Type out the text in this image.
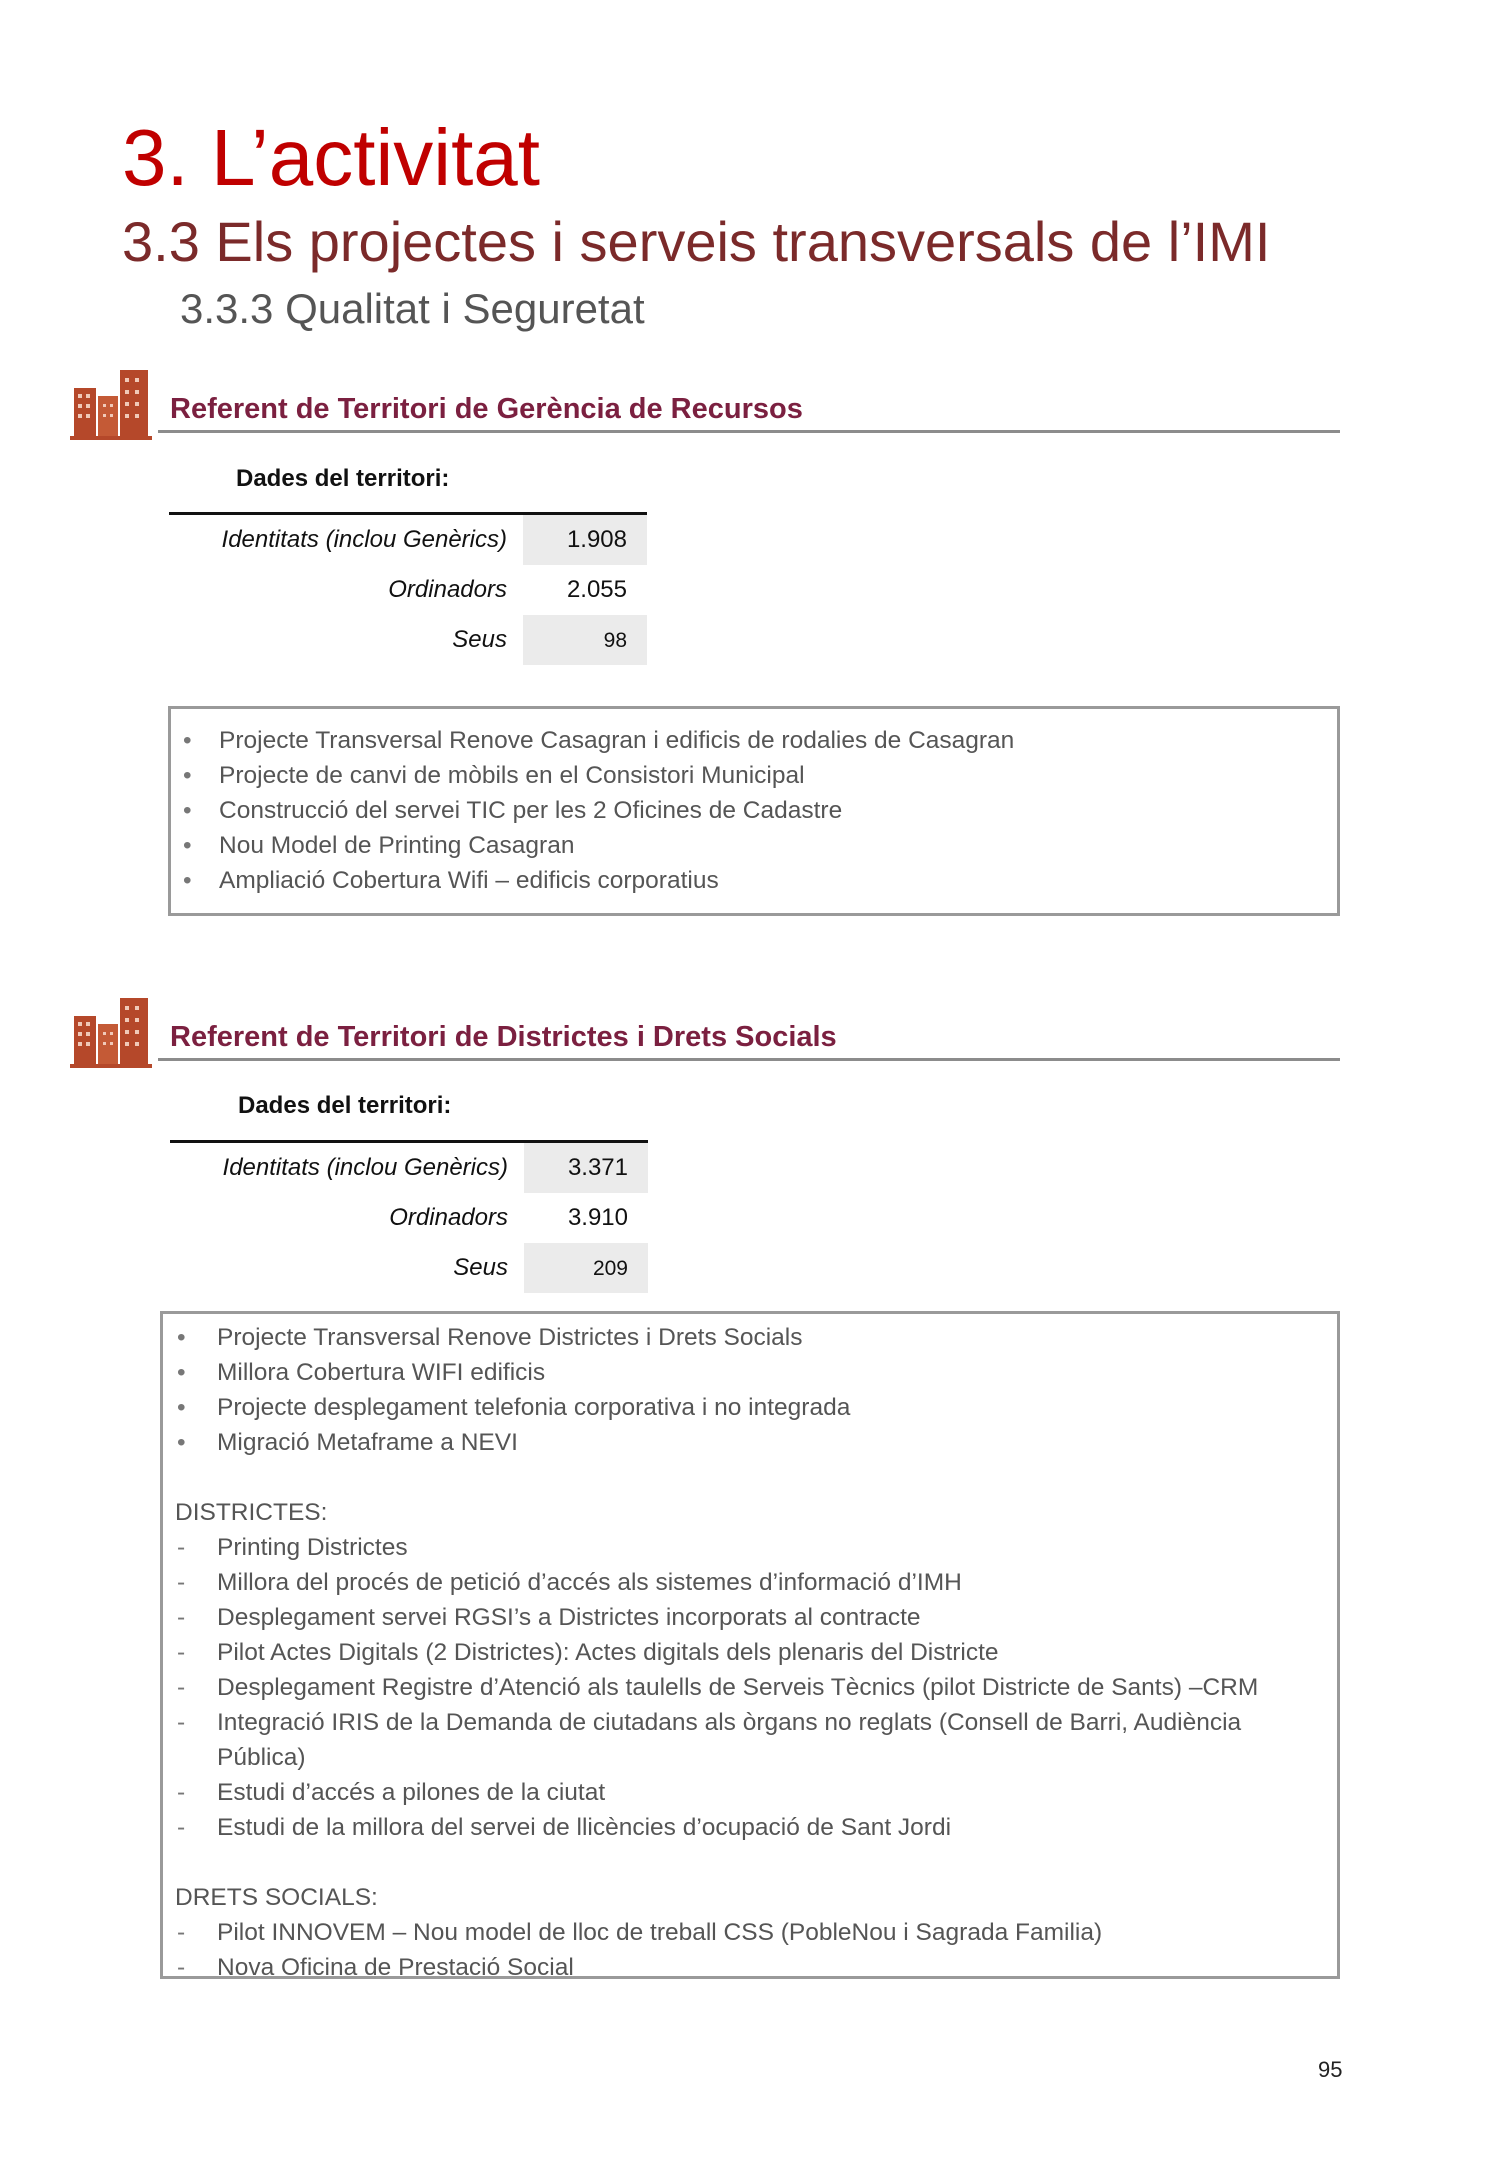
3. L’activitat
3.3 Els projectes i serveis transversals de l’IMI
3.3.3 Qualitat i Seguretat
Referent de Territori de Gerència de Recursos
Dades del territori:
Identitats (inclou Genèrics)	1.908
Ordinadors	2.055
Seus	98
•	Projecte Transversal Renove Casagran i edificis de rodalies de Casagran
•	Projecte de canvi de mòbils en el Consistori Municipal
•	Construcció del servei TIC per les 2 Oficines de Cadastre
•	Nou Model de Printing Casagran
•	Ampliació Cobertura Wifi – edificis corporatius
Referent de Territori de Districtes i Drets Socials
Dades del territori:
Identitats (inclou Genèrics)	3.371
Ordinadors	3.910
Seus	209
•	Projecte Transversal Renove Districtes i Drets Socials
•	Millora Cobertura WIFI edificis
•	Projecte desplegament telefonia corporativa i no integrada
•	Migració Metaframe a NEVI
DISTRICTES:
-	Printing Districtes
-	Millora del procés de petició d’accés als sistemes d’informació d’IMH
-	Desplegament servei RGSI’s a Districtes incorporats al contracte
-	Pilot Actes Digitals (2 Districtes): Actes digitals dels plenaris del Districte
-	Desplegament Registre d’Atenció als taulells de Serveis Tècnics (pilot Districte de Sants) –CRM
-	Integració IRIS de la Demanda de ciutadans als òrgans no reglats (Consell de Barri, Audiència Pública)
-	Estudi d’accés a pilones de la ciutat
-	Estudi de la millora del servei de llicències d’ocupació de Sant Jordi
DRETS SOCIALS:
-	Pilot INNOVEM – Nou model de lloc de treball CSS (PobleNou i Sagrada Familia)
-	Nova Oficina de Prestació Social
95
